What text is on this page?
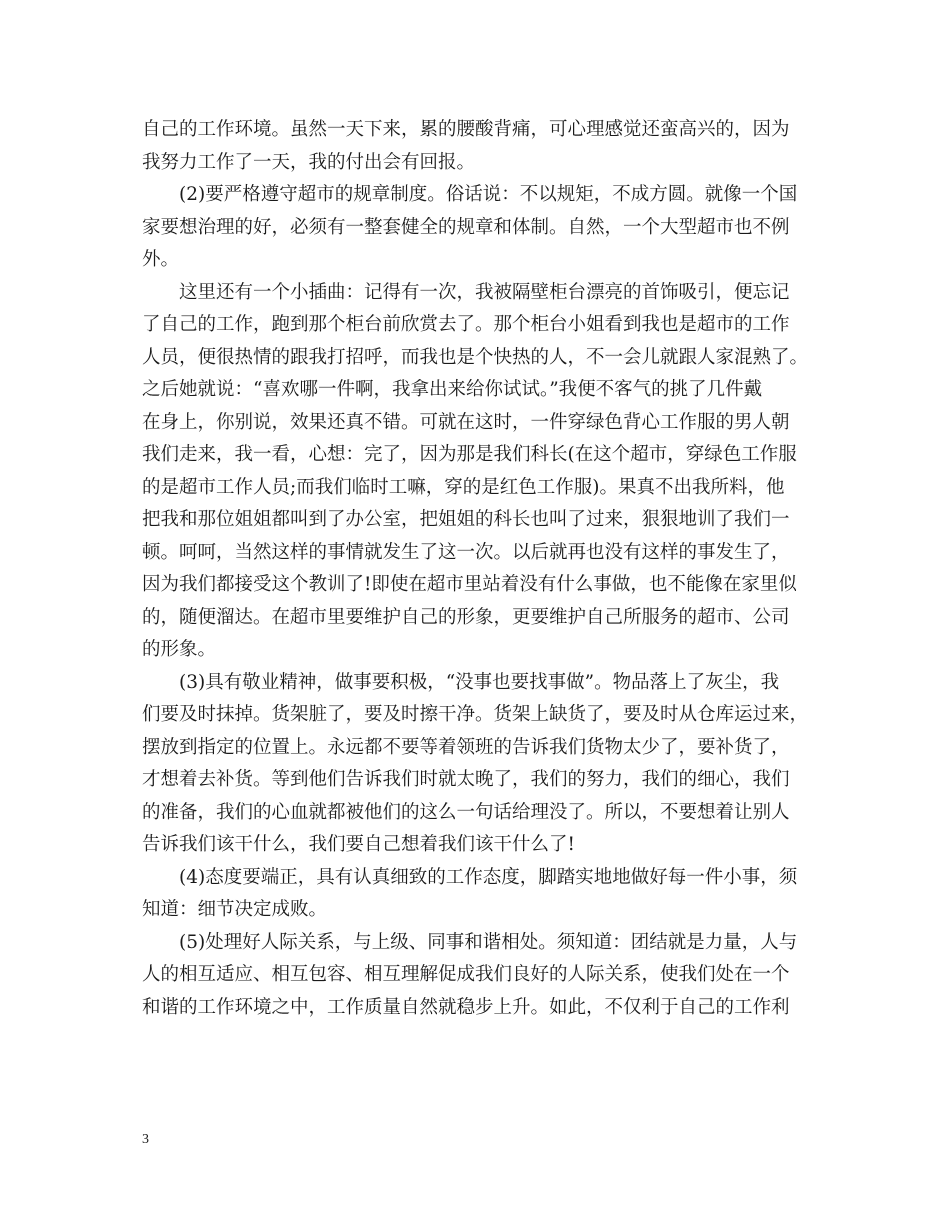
自己的工作环境。虽然一天下来，累的腰酸背痛，可心理感觉还蛮高兴的，因为
我努力工作了一天，我的付出会有回报。

　　(2)要严格遵守超市的规章制度。俗话说：不以规矩，不成方圆。就像一个国
家要想治理的好，必须有一整套健全的规章和体制。自然，一个大型超市也不例
外。

　　这里还有一个小插曲：记得有一次，我被隔壁柜台漂亮的首饰吸引，便忘记
了自己的工作，跑到那个柜台前欣赏去了。那个柜台小姐看到我也是超市的工作
人员，便很热情的跟我打招呼，而我也是个快热的人，不一会儿就跟人家混熟了。
之后她就说：“喜欢哪一件啊，我拿出来给你试试。”我便不客气的挑了几件戴
在身上，你别说，效果还真不错。可就在这时，一件穿绿色背心工作服的男人朝
我们走来，我一看，心想：完了，因为那是我们科长(在这个超市，穿绿色工作服
的是超市工作人员;而我们临时工嘛，穿的是红色工作服)。果真不出我所料，他
把我和那位姐姐都叫到了办公室，把姐姐的科长也叫了过来，狠狠地训了我们一
顿。呵呵，当然这样的事情就发生了这一次。以后就再也没有这样的事发生了，
因为我们都接受这个教训了!即使在超市里站着没有什么事做，也不能像在家里似
的，随便溜达。在超市里要维护自己的形象，更要维护自己所服务的超市、公司
的形象。

　　(3)具有敬业精神，做事要积极，“没事也要找事做”。物品落上了灰尘，我
们要及时抹掉。货架脏了，要及时擦干净。货架上缺货了，要及时从仓库运过来，
摆放到指定的位置上。永远都不要等着领班的告诉我们货物太少了，要补货了，
才想着去补货。等到他们告诉我们时就太晚了，我们的努力，我们的细心，我们
的准备，我们的心血就都被他们的这么一句话给理没了。所以，不要想着让别人
告诉我们该干什么，我们要自己想着我们该干什么了!

　　(4)态度要端正，具有认真细致的工作态度，脚踏实地地做好每一件小事，须
知道：细节决定成败。

　　(5)处理好人际关系，与上级、同事和谐相处。须知道：团结就是力量，人与
人的相互适应、相互包容、相互理解促成我们良好的人际关系，使我们处在一个
和谐的工作环境之中，工作质量自然就稳步上升。如此，不仅利于自己的工作利

3
